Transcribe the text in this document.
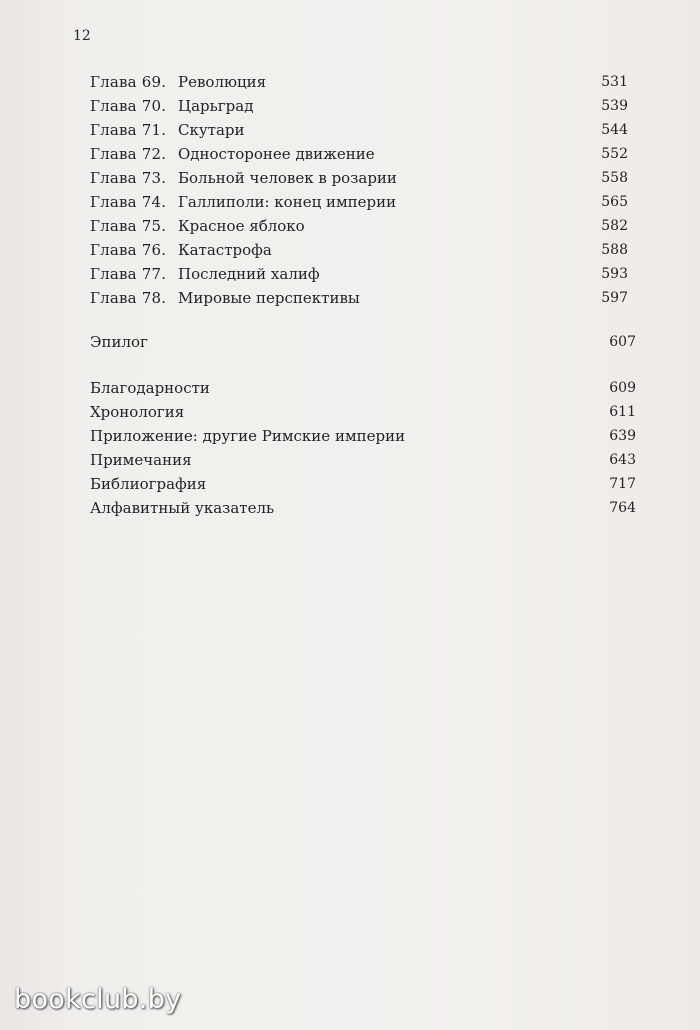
12
Глава 69. Революция	531
Глава 70. Царьград	539
Глава 71. Скутари	544
Глава 72. Односторонее движение	552
Глава 73. Больной человек в розарии	558
Глава 74. Галлиполи: конец империи	565
Глава 75. Красное яблоко	582
Глава 76. Катастрофа	588
Глава 77. Последний халиф	593
Глава 78. Мировые перспективы	597
Эпилог	607
Благодарности	609
Хронология	611
Приложение: другие Римские империи	639
Примечания	643
Библиография	717
Алфавитный указатель	764
bookclub.by
